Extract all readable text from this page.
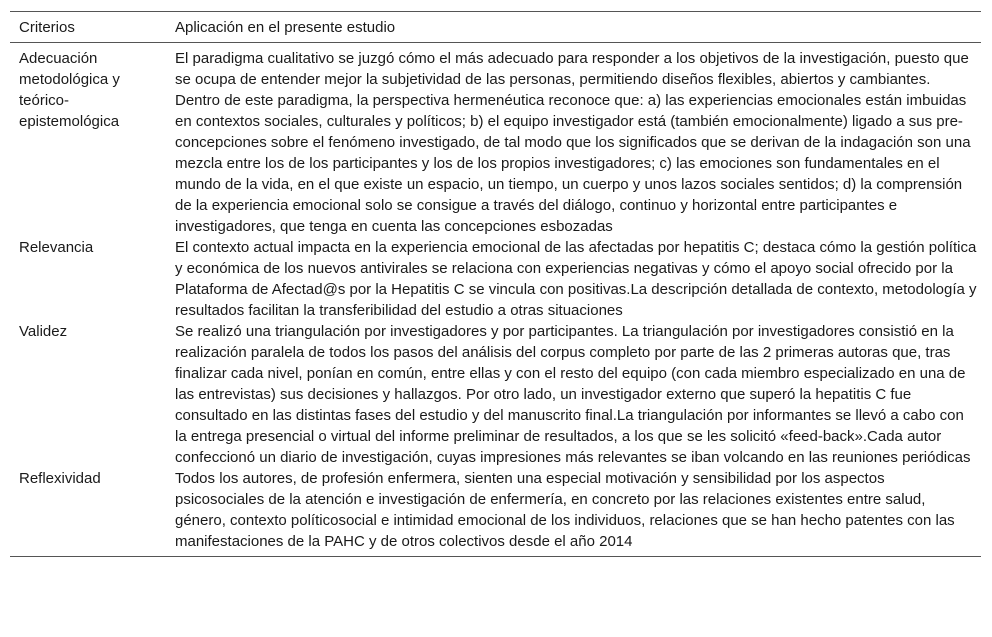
Criterios	Aplicación en el presente estudio
Adecuación metodológica y teórico-epistemológica	El paradigma cualitativo se juzgó cómo el más adecuado para responder a los objetivos de la investigación, puesto que se ocupa de entender mejor la subjetividad de las personas, permitiendo diseños flexibles, abiertos y cambiantes. Dentro de este paradigma, la perspectiva hermenéutica reconoce que: a) las experiencias emocionales están imbuidas en contextos sociales, culturales y políticos; b) el equipo investigador está (también emocionalmente) ligado a sus pre-concepciones sobre el fenómeno investigado, de tal modo que los significados que se derivan de la indagación son una mezcla entre los de los participantes y los de los propios investigadores; c) las emociones son fundamentales en el mundo de la vida, en el que existe un espacio, un tiempo, un cuerpo y unos lazos sociales sentidos; d) la comprensión de la experiencia emocional solo se consigue a través del diálogo, continuo y horizontal entre participantes e investigadores, que tenga en cuenta las concepciones esbozadas
Relevancia	El contexto actual impacta en la experiencia emocional de las afectadas por hepatitis C; destaca cómo la gestión política y económica de los nuevos antivirales se relaciona con experiencias negativas y cómo el apoyo social ofrecido por la Plataforma de Afectad@s por la Hepatitis C se vincula con positivas.La descripción detallada de contexto, metodología y resultados facilitan la transferibilidad del estudio a otras situaciones
Validez	Se realizó una triangulación por investigadores y por participantes. La triangulación por investigadores consistió en la realización paralela de todos los pasos del análisis del corpus completo por parte de las 2 primeras autoras que, tras finalizar cada nivel, ponían en común, entre ellas y con el resto del equipo (con cada miembro especializado en una de las entrevistas) sus decisiones y hallazgos. Por otro lado, un investigador externo que superó la hepatitis C fue consultado en las distintas fases del estudio y del manuscrito final.La triangulación por informantes se llevó a cabo con la entrega presencial o virtual del informe preliminar de resultados, a los que se les solicitó «feed-back».Cada autor confeccionó un diario de investigación, cuyas impresiones más relevantes se iban volcando en las reuniones periódicas
Reflexividad	Todos los autores, de profesión enfermera, sienten una especial motivación y sensibilidad por los aspectos psicosociales de la atención e investigación de enfermería, en concreto por las relaciones existentes entre salud, género, contexto políticosocial e intimidad emocional de los individuos, relaciones que se han hecho patentes con las manifestaciones de la PAHC y de otros colectivos desde el año 2014
